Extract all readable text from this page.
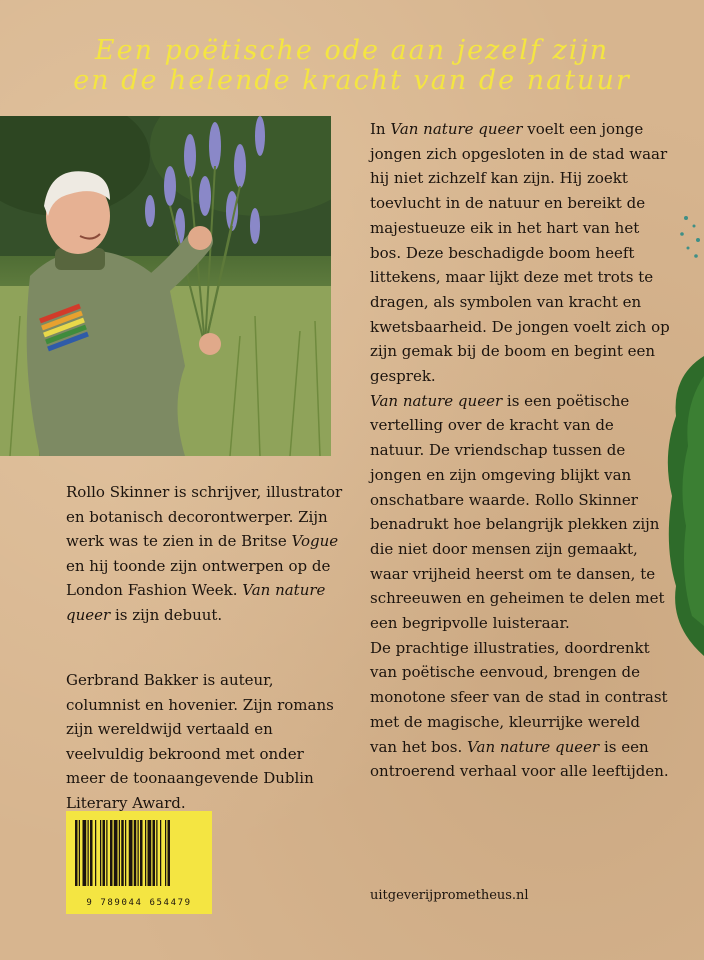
Een poëtische ode aan jezelf zijn
en de helende kracht van de natuur
Rollo Skinner is schrijver, illustrator en botanisch decorontwerper. Zijn werk was te zien in de Britse Vogue en hij toonde zijn ontwerpen op de London Fashion Week. Van nature queer is zijn debuut.
Gerbrand Bakker is auteur, columnist en hovenier. Zijn romans zijn wereldwijd vertaald en veelvuldig bekroond met onder meer de toonaangevende Dublin Literary Award.
9 789044 654479

In Van nature queer voelt een jonge jongen zich opgesloten in de stad waar hij niet zichzelf kan zijn. Hij zoekt toevlucht in de natuur en bereikt de majestueuze eik in het hart van het bos. Deze beschadigde boom heeft littekens, maar lijkt deze met trots te dragen, als symbolen van kracht en kwetsbaarheid. De jongen voelt zich op zijn gemak bij de boom en begint een gesprek.

Van nature queer is een poëtische vertelling over de kracht van de natuur. De vriendschap tussen de jongen en zijn omgeving blijkt van onschatbare waarde. Rollo Skinner benadrukt hoe belangrijk plekken zijn die niet door mensen zijn gemaakt, waar vrijheid heerst om te dansen, te schreeuwen en geheimen te delen met een begripvolle luisteraar.

De prachtige illustraties, doordrenkt van poëtische eenvoud, brengen de monotone sfeer van de stad in contrast met de magische, kleurrijke wereld van het bos. Van nature queer is een ontroerend verhaal voor alle leeftijden.

uitgeverijprometheus.nl
